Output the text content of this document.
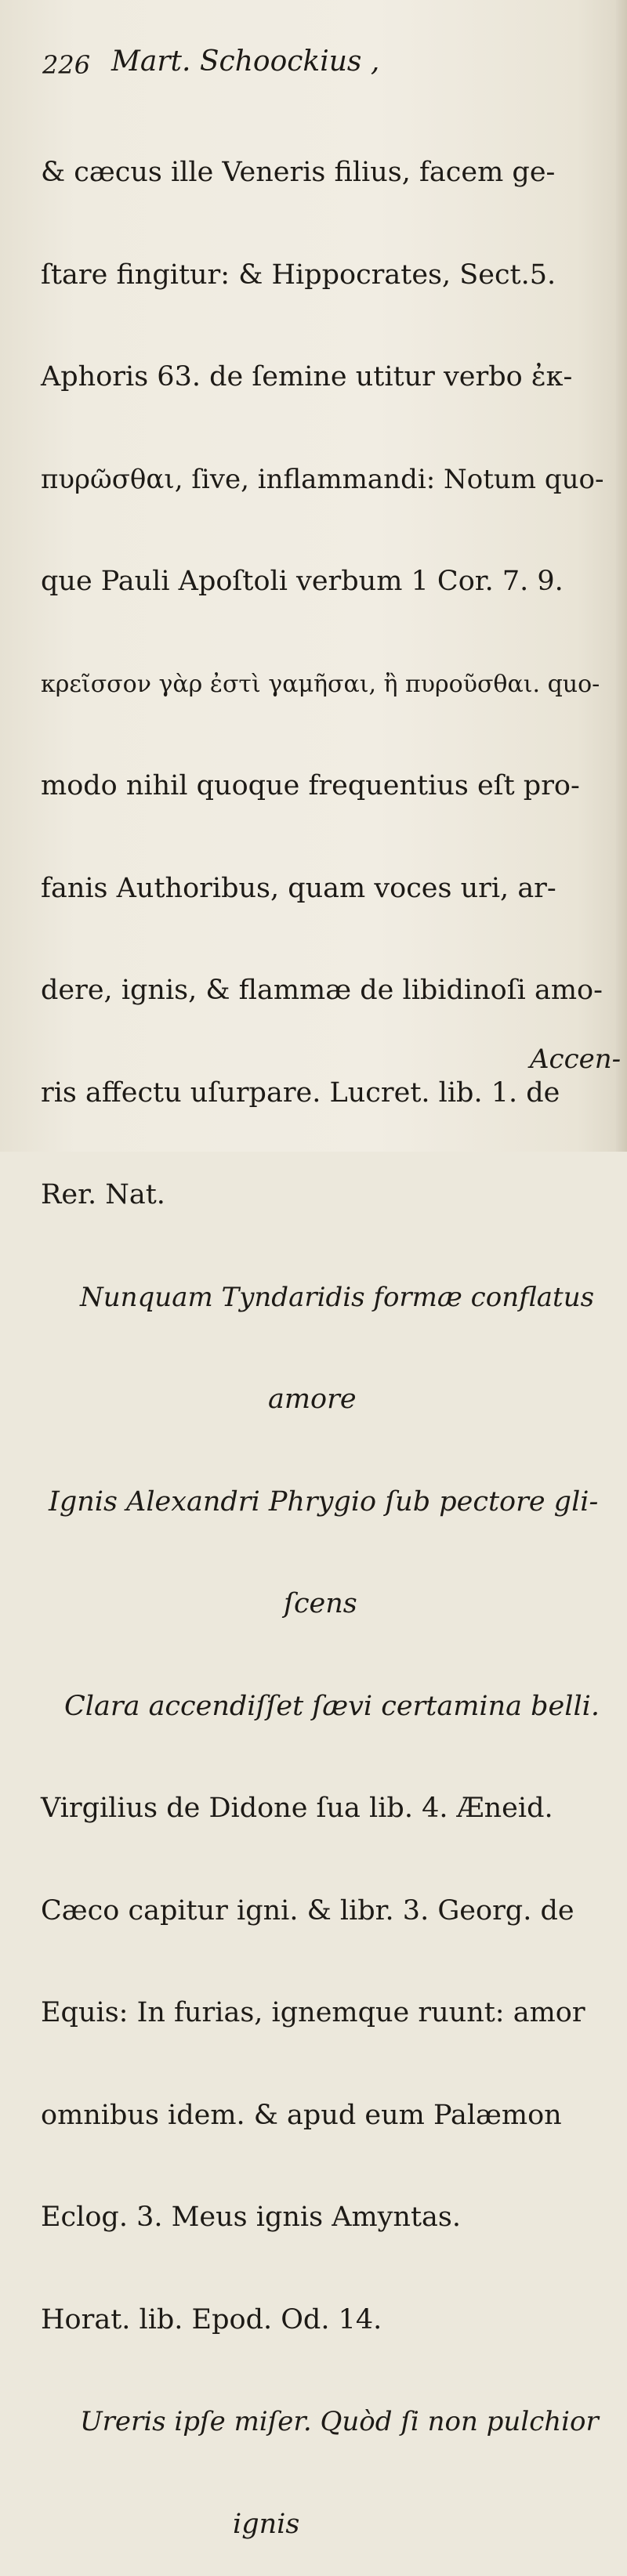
226 Mart. Schoockius ,

& cæcus ille Veneris filius, facem ge-

ſtare fingitur: & Hippocrates, Sect.5.

Aphoris 63. de ſemine utitur verbo ἐκ-

πυρῶσθαι, ſive, inflammandi: Notum quo-

que Pauli Apoſtoli verbum 1 Cor. 7. 9.

κρεῖσσον γὰρ ἐστὶ γαμῆσαι, ἢ πυροῦσθαι. quo-

modo nihil quoque frequentius eſt pro-

fanis Authoribus, quam voces uri, ar-

dere, ignis, & flammæ de libidinoſi amo-

ris affectu uſurpare. Lucret. lib. 1. de

Rer. Nat.

Nunquam Tyndaridis formæ conflatus

amore

Ignis Alexandri Phrygio ſub pectore gli-

ſcens

Clara accendiſſet ſævi certamina belli.

Virgilius de Didone ſua lib. 4. Æneid.

Cæco capitur igni. & libr. 3. Georg. de

Equis: In furias, ignemque ruunt: amor

omnibus idem. & apud eum Palæmon

Eclog. 3. Meus ignis Amyntas.

Horat. lib. Epod. Od. 14.

Ureris ipſe miſer. Quòd ſi non pulchior

ignis

Accen-
